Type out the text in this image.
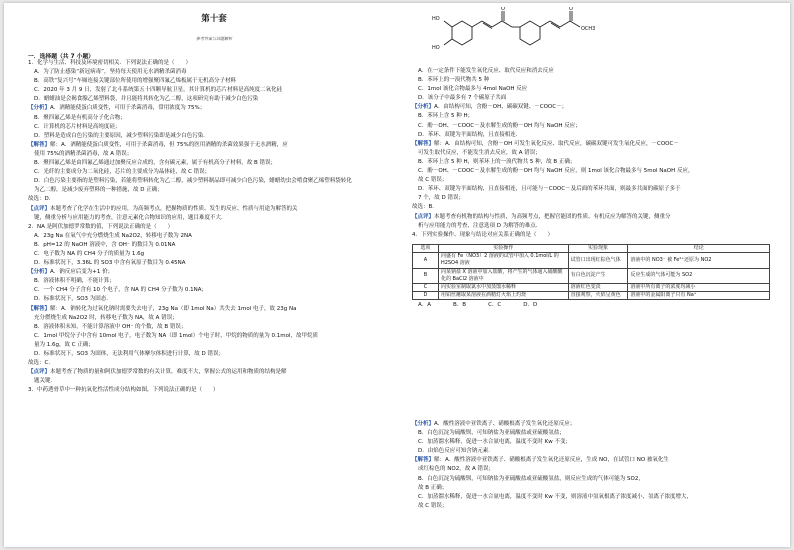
第十套
参考答案与试题解析
一．选择题（共 7 小题）
1．化学与生活、科技及环境密切相关．下列说法正确的是（　　）
A．为了防止感染“新冠病毒”，坚持每天使用无水酒精杀菌消毒
B．高铁“复兴号”车厢连接关键部位所使用的增强聚四氟乙烯板属于无机高分子材料
C．2020 年 3 月 9 日，发射了北斗系统第五十四颗导航卫星，其计算机的芯片材料是高纯度二氧化硅
D．蜡蜡油是会褐食腺乙烯塑料袋，并且能将其转化为乙二醇，这项研究有助于减少白色污染
【分析】A．酒精能使蛋白质变性，可用于杀菌消毒，常用浓度为 75%；
B．聚四氟乙烯是有机高分子化合物；
C．计算机的芯片材料是高纯度硅；
D．塑料是造成白色污染的主要原因，减少塑料污染即是减少白色污染．
【解答】解：A．酒精能使蛋白质变性，可用于杀菌消毒，但 75%的医用酒精的杀菌效果强于无水酒精，应
使用 75%的酒精杀菌消毒，故 A 错误；
B．聚四氟乙烯是由四氟乙烯通过加聚反应合成的，含有碳元素，属于有机高分子材料，故 B 错误；
C．光纤的主要成分为二氧化硅，芯片的主要成分为晶体硅，故 C 错误；
D．白色污染主要指的是塑料污染，若能将塑料转化为乙二醇，减少塑料制品即可减少白色污染，蜡蜡幼虫会啃食聚乙烯塑料袋转化
为乙二醇，是减少废弃塑料的一种措施，故 D 正确；
故选：D．
【点评】本题考查了化学在生活中的应用，为高频考点，把握物质的性质、发生的反应、性质与用途为解答的关
键，侧重分析与应用能力的考查，注意元素化合物知识的应用，题目难度不大．
2．NA 是阿伏加德罗常数的值，下列说法正确的是（　　）
A．23g Na 在氧气中充分燃烧生成 Na2O2，转移电子数为 2NA
B．pH=12 的 NaOH 溶液中，含 OH⁻ 的数目为 0.01NA
C．电子数为 NA 的 CH4 分子的质量为 1.6g
D．标准状况下，3.36L 的 SO3 中含有氧原子数目为 0.45NA
【分析】A．钠反应后变为+1 价；
B．溶液体积不明确，不能计算；
C．一个 CH4 分子含有 10 个电子，含 NA 的 CH4 分子数为 0.1NA；
D．标准状况下，SO3 为固态．
【解答】解：A．钠转化为过氧化钠时需要失去电子，23g Na（即 1mol Na）共失去 1mol 电子，故 23g Na
充分燃烧生成 Na2O2 时，转移电子数为 NA，故 A 错误；
B．溶液体积未知，不能计算溶液中 OH⁻ 的个数，故 B 错误；
C．1mol 甲烷分子中含有 10mol 电子，电子数为 NA（即 1mol）个电子时，甲烷的物质的量为 0.1mol，故甲烷质
量为 1.6g，故 C 正确；
D．标准状况下，SO3 为固体，无法利用气体摩尔体积进行计算，故 D 错误；
故选：C．
【点评】本题考查了物质的量和阿伏加德罗常数的有关计算，难度不大，掌握公式的运用和物质的结构是解
题关键．
3．中药透骨草中一种抗氧化性活性成分结构如图，下列说法正确的是（　　）
HO
HO
O	O
OCH3
A．在一定条件下能发生氧化反应、取代反应和消去反应
B．苯环上的一溴代物共 5 种
C．1mol 该化合物最多与 4mol NaOH 反应
D．该分子中最多有 7 个碳原子共面
【分析】A．由结构可知，含酚－OH、碳碳双键、－COOC－；
B．苯环上含 5 种 H；
C．酚－OH、－COOC－及水解生成的酚－OH 均与 NaOH 反应；
D．苯环、双键为平面结构，且直接相连．
【解答】解：A．由结构可知，含酚－OH 可发生氧化反应、取代反应，碳碳双键可发生氧化反应，－COOC－
可发生取代反应，不能发生消去反应，故 A 错误；
B．苯环上含 5 种 H，则苯环上的一溴代物共 5 种，故 B 正确；
C．酚－OH、－COOC－及水解生成的酚－OH 均与 NaOH 反应，则 1mol 该化合物最多与 5mol NaOH 反应，
故 C 错误；
D．苯环、双键为平面结构，且直接相连，且可能与－COOC－及后面的苯环共面，则最多共面的碳原子多于
7 个，故 D 错误；
故选：B．
【点评】本题考查有机物的结构与性质，为高频考点，把握官能团的性质、有机反应为解答的关键，侧重分
析与应用能力的考查，注意选项 D 为解答的难点．
4．下列实验操作、现象与结论对应关系正确的是（　　）
选项	实验操作	实验现象	结论
A	向盛有 Fe（NO3）2 溶液的试管中加入 0.1mol/L 的 H2SO4 溶液	试管口出现红棕色气体	溶液中的 NO3⁻ 被 Fe²⁺还原为 NO2
B	向某钠盐 X 溶液中加入盐酸，将产生的气体通入硝酸酸化的 BaCl2 溶液中	有白色沉淀产生	反应生成的气体可能为 SO2
C	向实验室制取氯水中加蒸馏水稀释	溶液红色变淡	溶液中所有离子的浓度均减小
D	用铂丝蘸取某溶液在酒精灯火焰上灼烧	直接观察，火焰呈黄色	溶液中的金属阳离子只有 Na⁺
A．A　　　　B．B　　　　C．C　　　　D．D
【分析】A．酸性溶液中亚铁离子、硝酸根离子发生氧化还原反应；
B．白色沉淀为硫酸钡，可知钠盐为亚硫酸盐或亚硫酸氢盐；
C．加蒸馏水稀释，促进一水合氨电离，温度不变时 Kw 不变；
D．由焰色反应可知含钠元素．
【解答】解：A．酸性溶液中亚铁离子、硝酸根离子发生氧化还原反应，生成 NO，在试管口 NO 被氧化生
成红棕色的 NO2，故 A 错误；
B．白色沉淀为硫酸钡，可知钠盐为亚硫酸盐或亚硫酸氢盐，则反应生成的气体可能为 SO2，
故 B 正确；
C．加蒸馏水稀释，促进一水合氨电离，温度不变时 Kw 不变，则溶液中氢氧根离子浓度减小、氢离子浓度增大，
故 C 错误；
